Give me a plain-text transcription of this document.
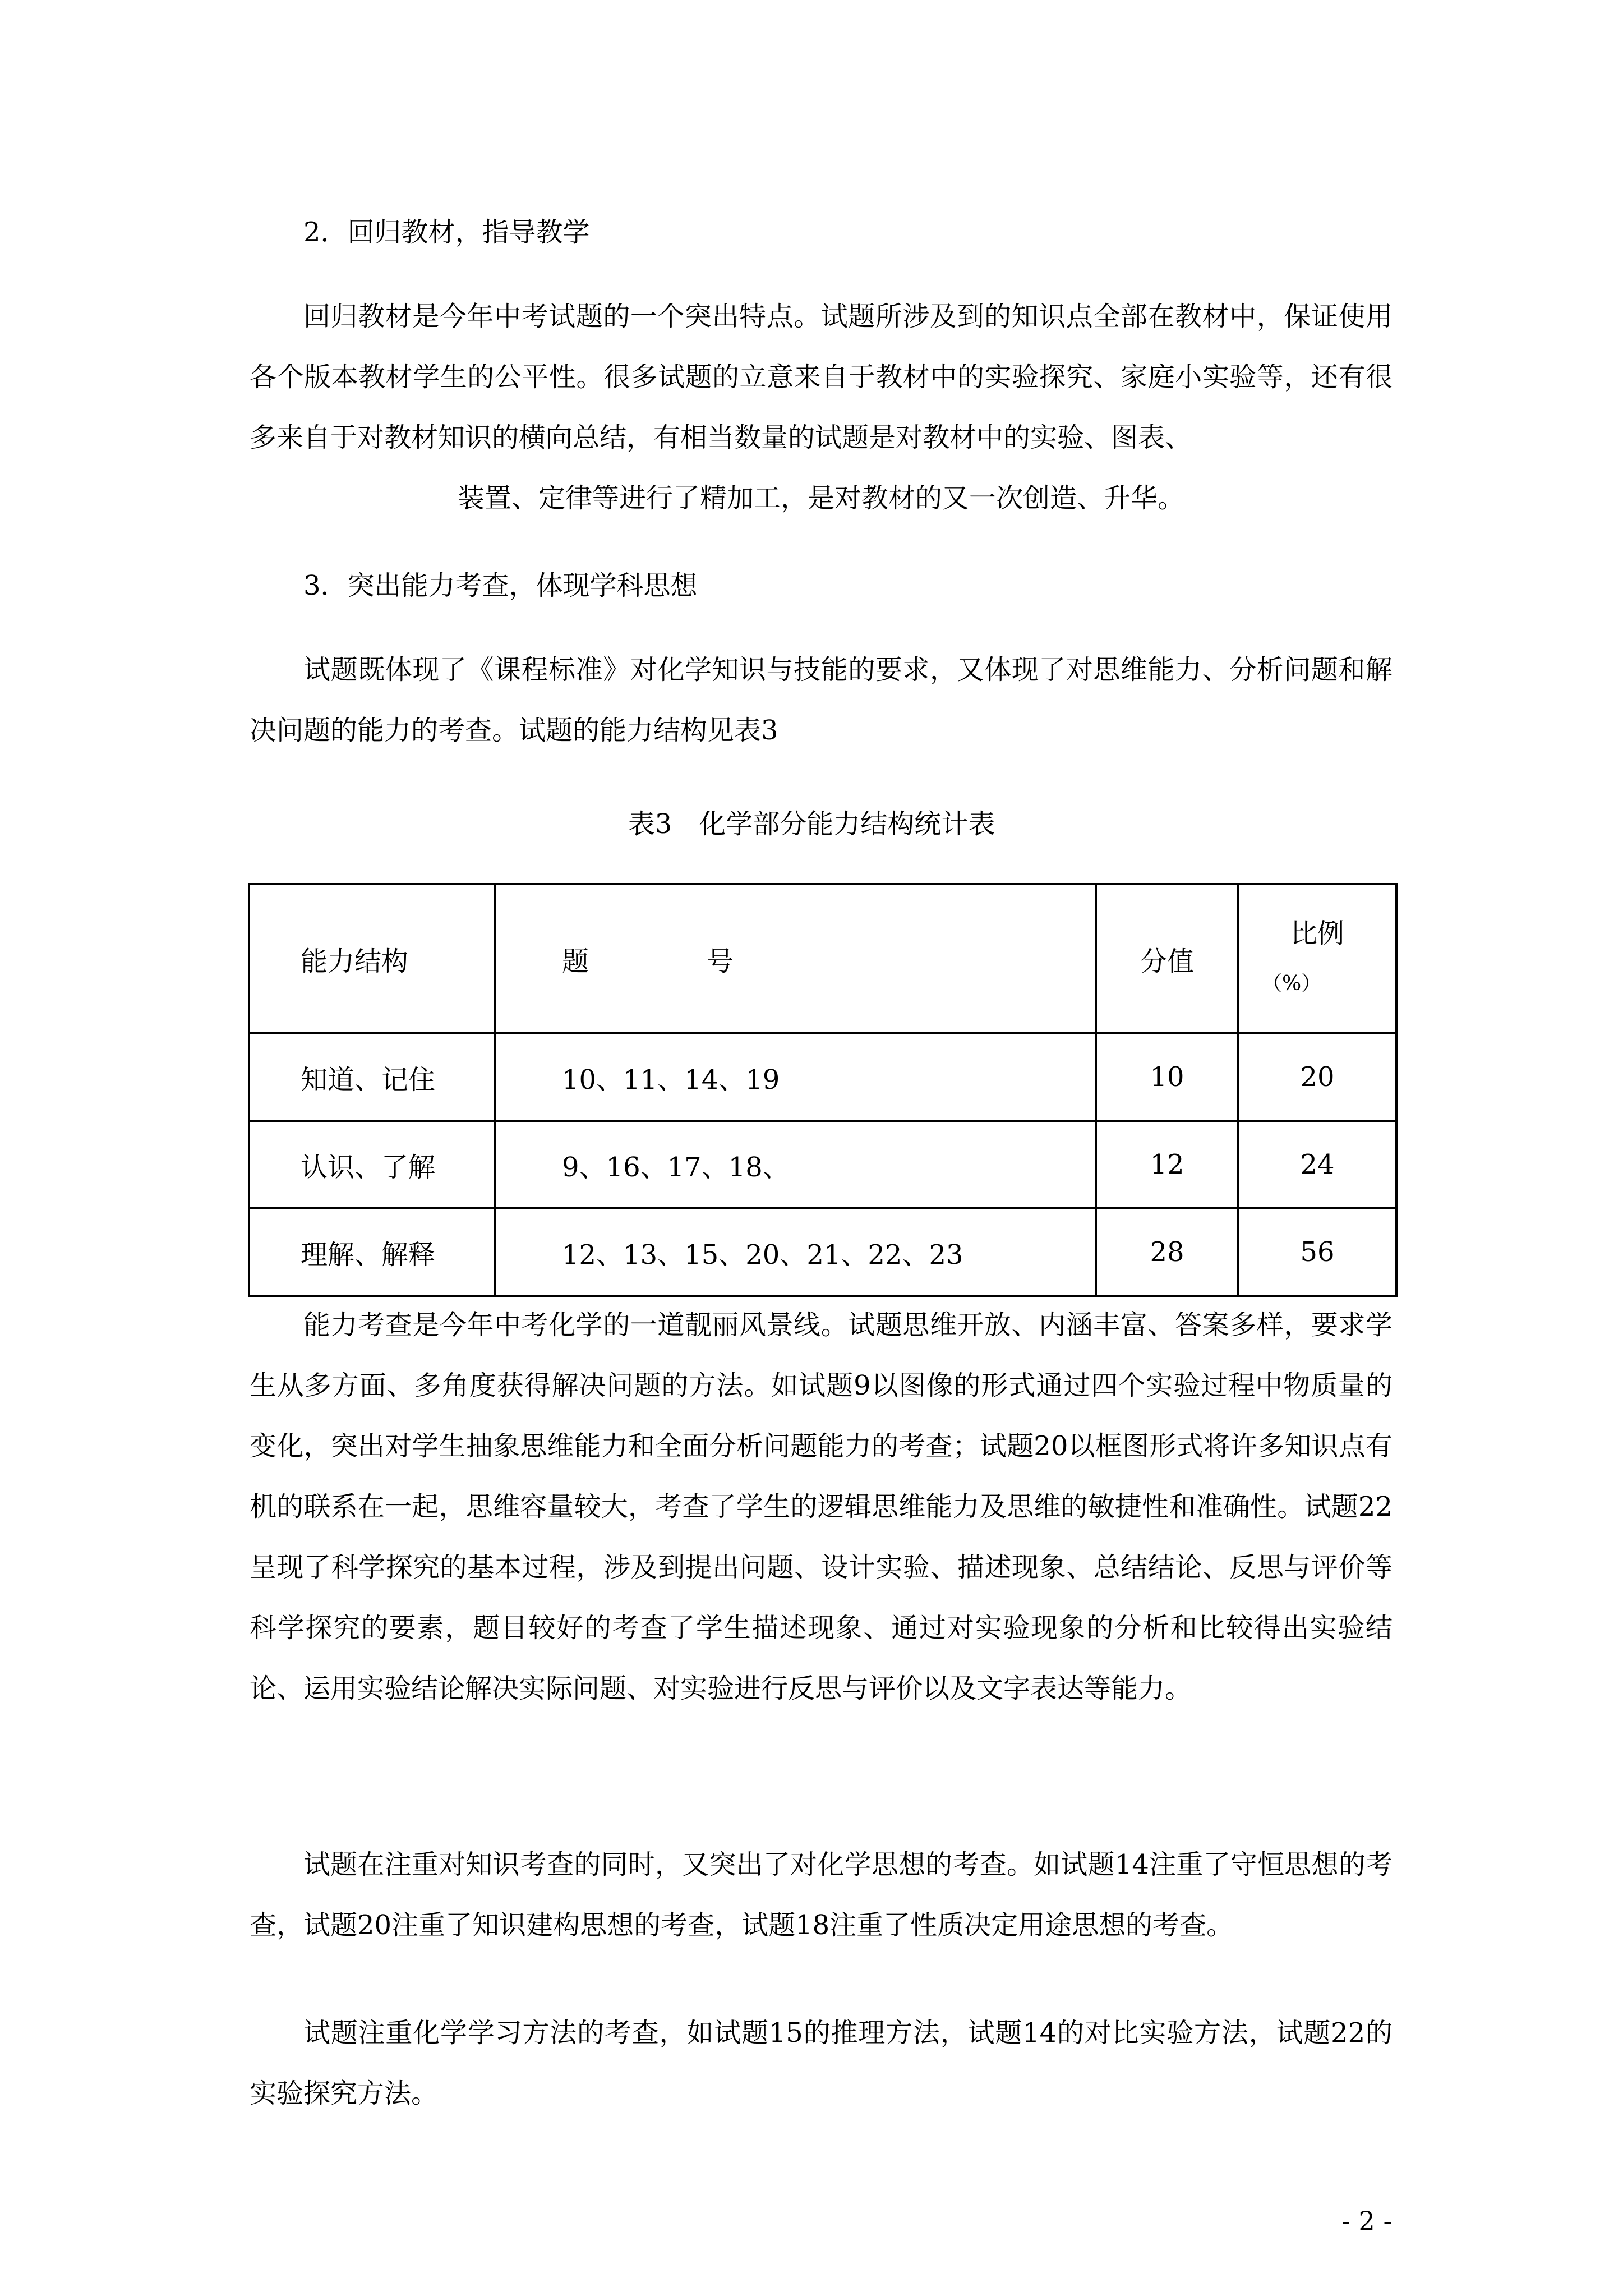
2．回归教材，指导教学

回归教材是今年中考试题的一个突出特点。试题所涉及到的知识点全部在教材中，保证使用各个版本教材学生的公平性。很多试题的立意来自于教材中的实验探究、家庭小实验等，还有很多来自于对教材知识的横向总结，有相当数量的试题是对教材中的实验、图表、

装置、定律等进行了精加工，是对教材的又一次创造、升华。

3．突出能力考查，体现学科思想

试题既体现了《课程标准》对化学知识与技能的要求，又体现了对思维能力、分析问题和解决问题的能力的考查。试题的能力结构见表3

表3　化学部分能力结构统计表

能力结构	题 号	分值	比例
（%）

知道、记住	10、11、14、19	10	20
认识、了解	9、16、17、18、	12	24
理解、解释	12、13、15、20、21、22、23	28	56

能力考查是今年中考化学的一道靓丽风景线。试题思维开放、内涵丰富、答案多样，要求学生从多方面、多角度获得解决问题的方法。如试题9以图像的形式通过四个实验过程中物质量的变化，突出对学生抽象思维能力和全面分析问题能力的考查；试题20以框图形式将许多知识点有机的联系在一起，思维容量较大，考查了学生的逻辑思维能力及思维的敏捷性和准确性。试题22呈现了科学探究的基本过程，涉及到提出问题、设计实验、描述现象、总结结论、反思与评价等科学探究的要素，题目较好的考查了学生描述现象、通过对实验现象的分析和比较得出实验结论、运用实验结论解决实际问题、对实验进行反思与评价以及文字表达等能力。

试题在注重对知识考查的同时，又突出了对化学思想的考查。如试题14注重了守恒思想的考查，试题20注重了知识建构思想的考查，试题18注重了性质决定用途思想的考查。

试题注重化学学习方法的考查，如试题15的推理方法，试题14的对比实验方法，试题22的实验探究方法。

- 2 -
